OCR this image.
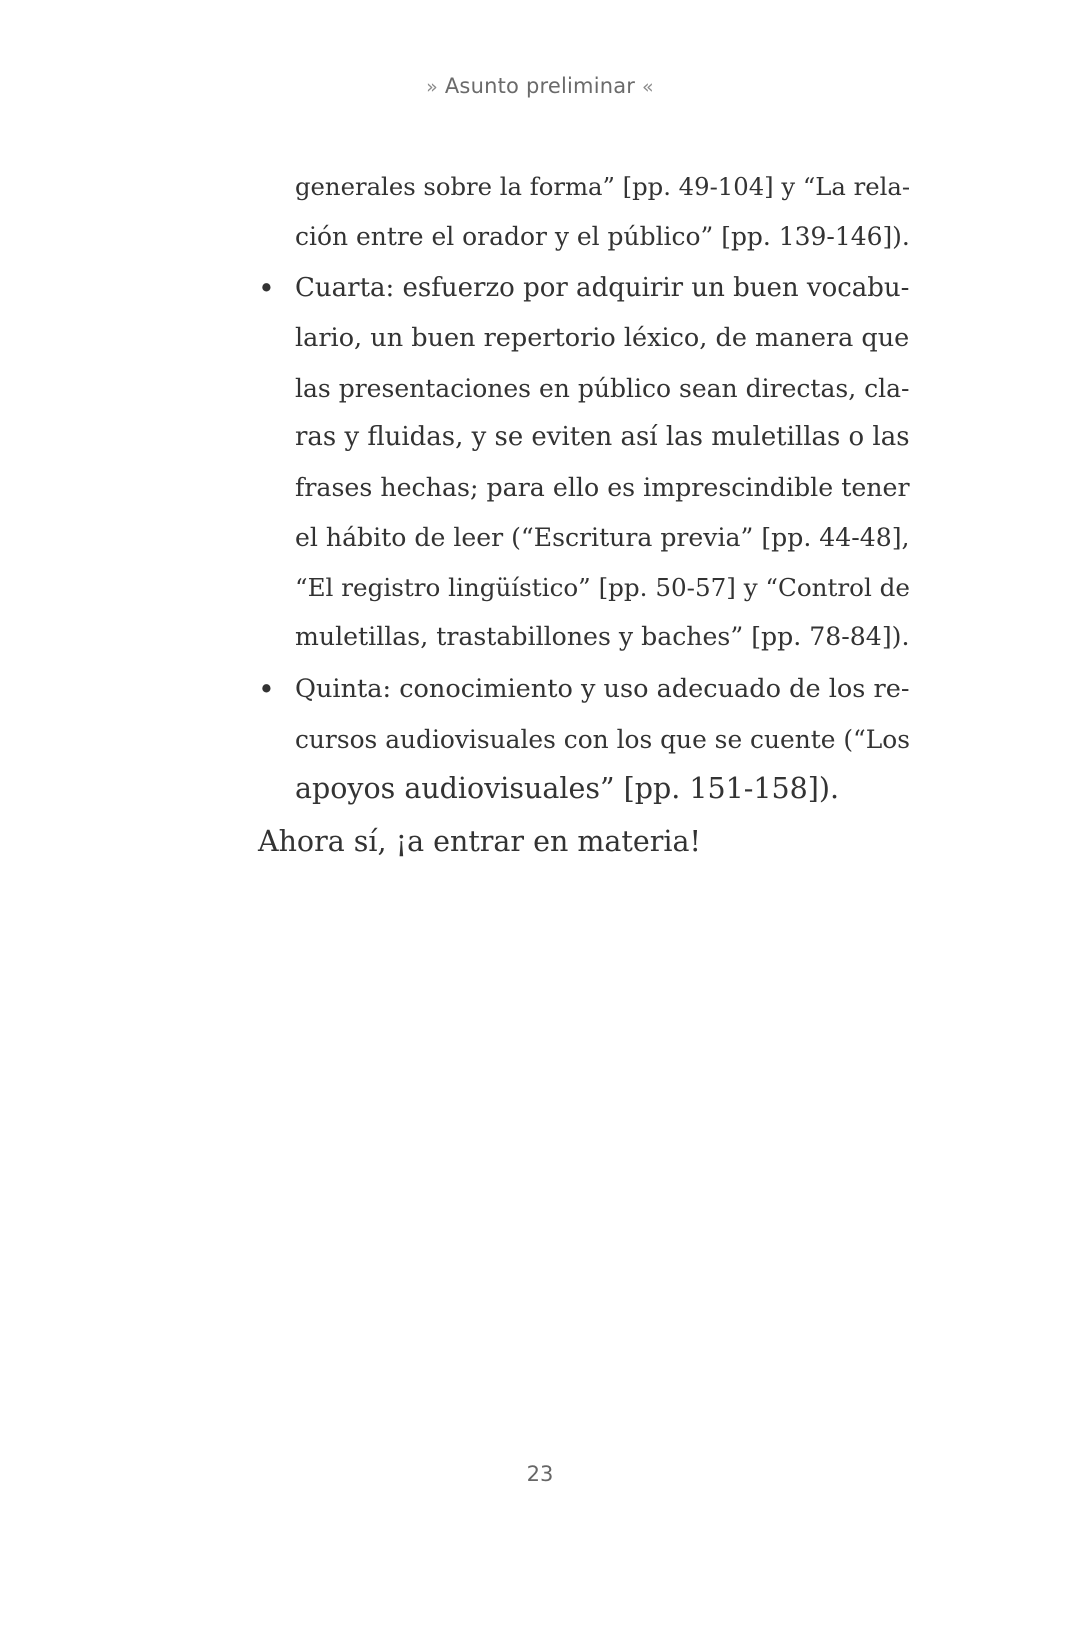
» Asunto preliminar «
generales sobre la forma” [pp. 49-104] y “La rela-
ción entre el orador y el público” [pp. 139-146]).
• Cuarta: esfuerzo por adquirir un buen vocabu-
lario, un buen repertorio léxico, de manera que
las presentaciones en público sean directas, cla-
ras y fluidas, y se eviten así las muletillas o las
frases hechas; para ello es imprescindible tener
el hábito de leer (“Escritura previa” [pp. 44-48],
“El registro lingüístico” [pp. 50-57] y “Control de
muletillas, trastabillones y baches” [pp. 78-84]).
• Quinta: conocimiento y uso adecuado de los re-
cursos audiovisuales con los que se cuente (“Los
apoyos audiovisuales” [pp. 151-158]).
Ahora sí, ¡a entrar en materia!
23
